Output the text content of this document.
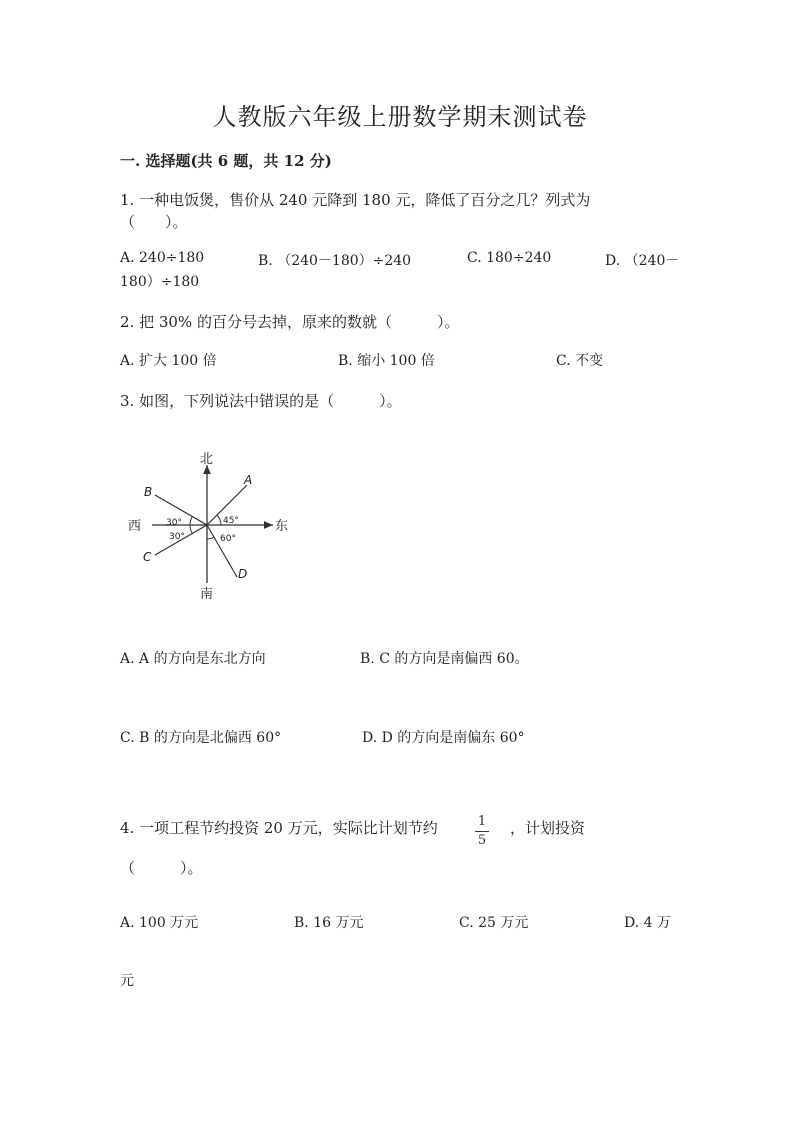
人教版六年级上册数学期末测试卷
一. 选择题(共 6 题，共 12 分)
1. 一种电饭煲，售价从 240 元降到 180 元，降低了百分之几？列式为
（　　）。
A. 240÷180	B. （240－180）÷240	C. 180÷240	D. （240－
180）÷180
2. 把 30% 的百分号去掉，原来的数就（　　　）。
A. 扩大 100 倍	B. 缩小 100 倍	C. 不变
3. 如图，下列说法中错误的是（　　　）。
北
南
东
西
A
B
C
D
30°
30°
45°
60°
A. A 的方向是东北方向	B. C 的方向是南偏西 60。
C. B 的方向是北偏西 60°	D. D 的方向是南偏东 60°
4. 一项工程节约投资 20 万元，实际比计划节约	1
5
，计划投资
（　　　）。
A. 100 万元	B. 16 万元	C. 25 万元	D. 4 万
元
